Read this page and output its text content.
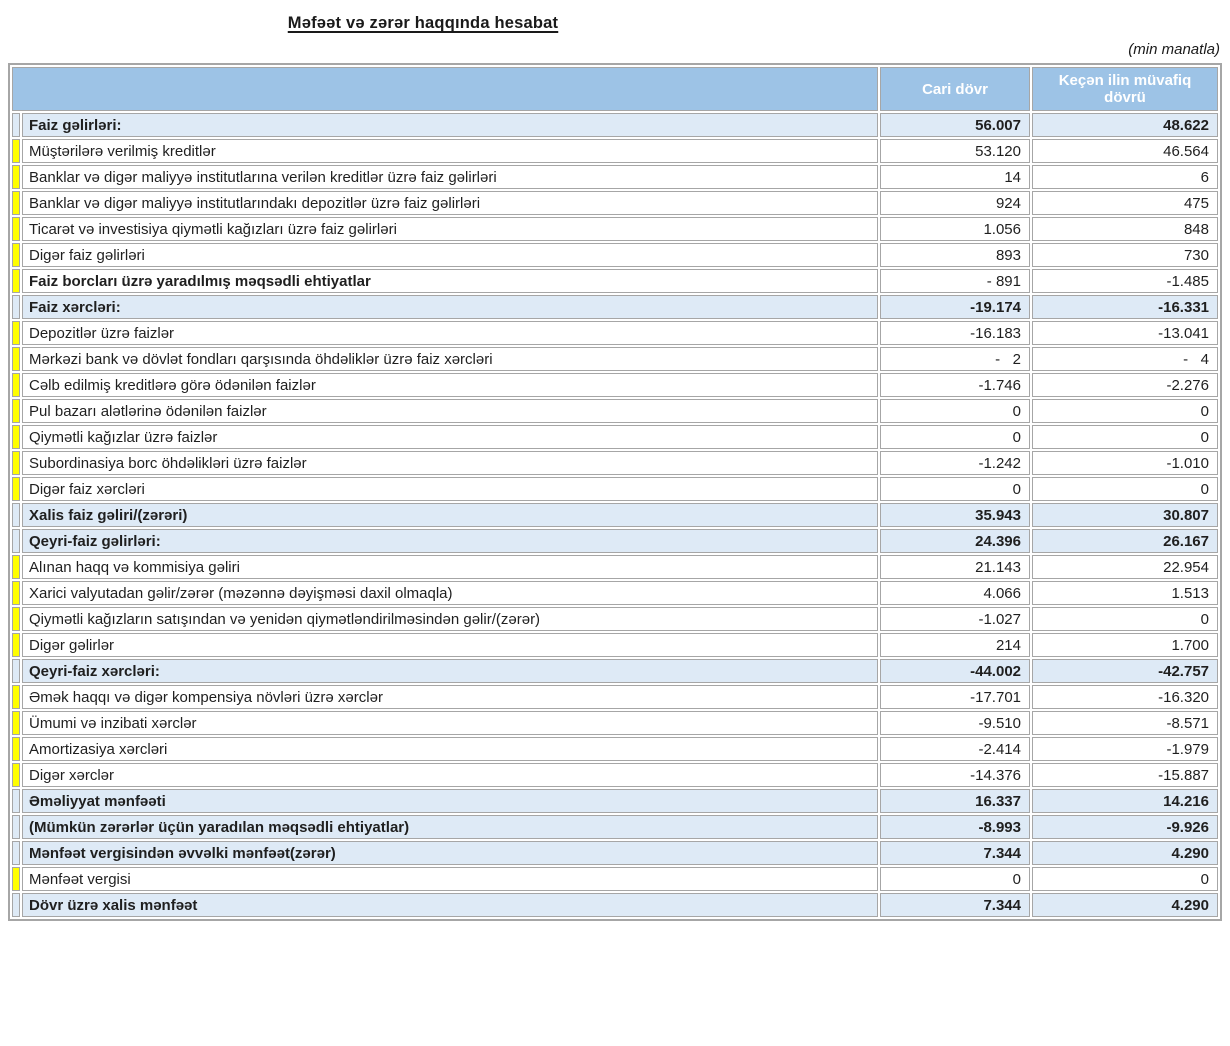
Məfəət və zərər haqqında hesabat
(min manatla)
		Cari dövr	Keçən ilin müvafiq dövrü
	Faiz gəlirləri:	56.007	48.622
	Müştərilərə verilmiş kreditlər	53.120	46.564
	Banklar və digər maliyyə institutlarına verilən kreditlər üzrə faiz gəlirləri	14	6
	Banklar və digər maliyyə institutlarındakı depozitlər üzrə faiz gəlirləri	924	475
	Ticarət və investisiya qiymətli kağızları üzrə faiz gəlirləri	1.056	848
	Digər faiz gəlirləri	893	730
	Faiz borcları üzrə yaradılmış məqsədli ehtiyatlar	- 891	-1.485
	Faiz xərcləri:	-19.174	-16.331
	Depozitlər üzrə faizlər	-16.183	-13.041
	Mərkəzi bank və dövlət fondları qarşısında öhdəliklər üzrə faiz xərcləri	-   2	-   4
	Cəlb edilmiş kreditlərə görə ödənilən faizlər	-1.746	-2.276
	Pul bazarı alətlərinə ödənilən faizlər	0	0
	Qiymətli kağızlar üzrə faizlər	0	0
	Subordinasiya borc öhdəlikləri üzrə faizlər	-1.242	-1.010
	Digər faiz xərcləri	0	0
	Xalis faiz gəliri/(zərəri)	35.943	30.807
	Qeyri-faiz gəlirləri:	24.396	26.167
	Alınan haqq və kommisiya gəliri	21.143	22.954
	Xarici valyutadan gəlir/zərər (məzənnə dəyişməsi daxil olmaqla)	4.066	1.513
	Qiymətli kağızların satışından və yenidən qiymətləndirilməsindən gəlir/(zərər)	-1.027	0
	Digər gəlirlər	214	1.700
	Qeyri-faiz xərcləri:	-44.002	-42.757
	Əmək haqqı və digər kompensiya növləri üzrə xərclər	-17.701	-16.320
	Ümumi və inzibati xərclər	-9.510	-8.571
	Amortizasiya xərcləri	-2.414	-1.979
	Digər xərclər	-14.376	-15.887
	Əməliyyat mənfəəti	16.337	14.216
	(Mümkün zərərlər üçün yaradılan məqsədli ehtiyatlar)	-8.993	-9.926
	Mənfəət vergisindən əvvəlki mənfəət(zərər)	7.344	4.290
	Mənfəət vergisi	0	0
	Dövr üzrə xalis mənfəət	7.344	4.290
